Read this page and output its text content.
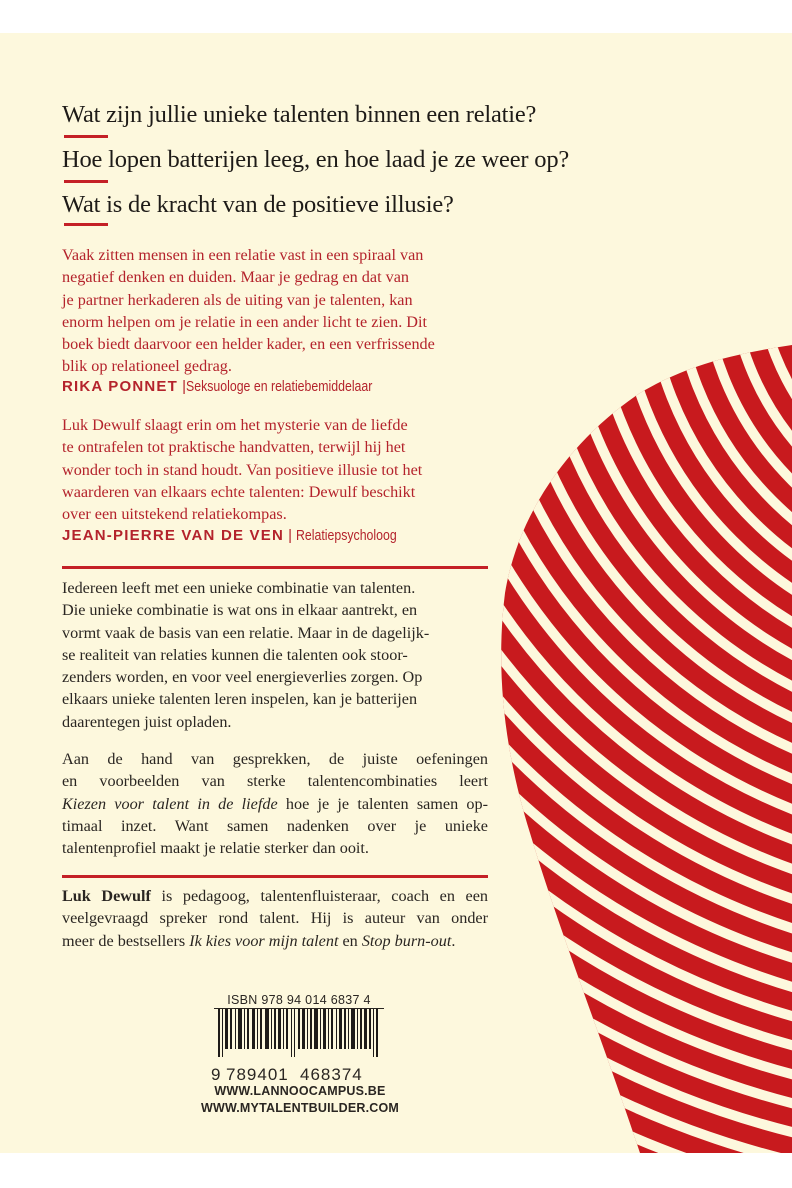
Wat zijn jullie unieke talenten binnen een relatie?
Hoe lopen batterijen leeg, en hoe laad je ze weer op?
Wat is de kracht van de positieve illusie?
Vaak zitten mensen in een relatie vast in een spiraal van
negatief denken en duiden. Maar je gedrag en dat van
je partner herkaderen als de uiting van je talenten, kan
enorm helpen om je relatie in een ander licht te zien. Dit
boek biedt daarvoor een helder kader, en een verfrissende
blik op relationeel gedrag.
RIKA PONNET |Seksuologe en relatiebemiddelaar
Luk Dewulf slaagt erin om het mysterie van de liefde
te ontrafelen tot praktische handvatten, terwijl hij het
wonder toch in stand houdt. Van positieve illusie tot het
waarderen van elkaars echte talenten: Dewulf beschikt
over een uitstekend relatiekompas.
JEAN-PIERRE VAN DE VEN | Relatiepsycholoog
Iedereen leeft met een unieke combinatie van talenten.
Die unieke combinatie is wat ons in elkaar aantrekt, en
vormt vaak de basis van een relatie. Maar in de dagelijk-
se realiteit van relaties kunnen die talenten ook stoor-
zenders worden, en voor veel energieverlies zorgen. Op
elkaars unieke talenten leren inspelen, kan je batterijen
daarentegen juist opladen.
Aan de hand van gesprekken, de juiste oefeningen
en voorbeelden van sterke talentencombinaties leert
Kiezen voor talent in de liefde hoe je je talenten samen op-
timaal inzet. Want samen nadenken over je unieke
talentenprofiel maakt je relatie sterker dan ooit.
Luk Dewulf is pedagoog, talentenfluisteraar, coach en een
veelgevraagd spreker rond talent. Hij is auteur van onder
meer de bestsellers Ik kies voor mijn talent en Stop burn-out.
ISBN 978 94 014 6837 4
9 789401 468374
WWW.LANNOOCAMPUS.BE
WWW.MYTALENTBUILDER.COM
